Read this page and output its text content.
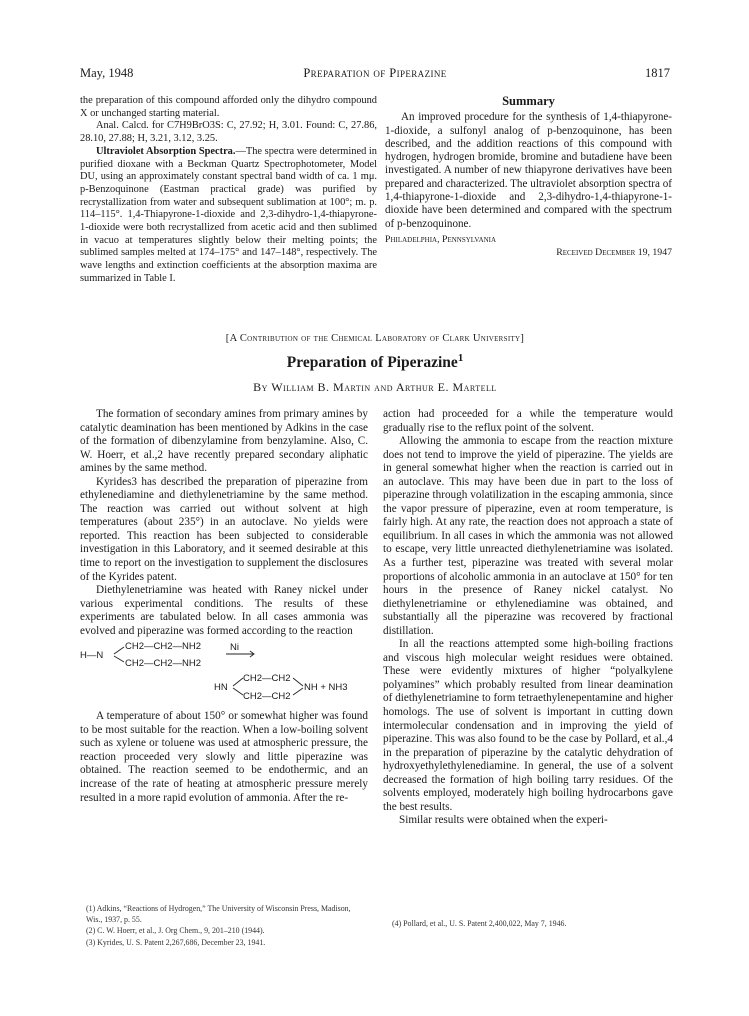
May, 1948	Preparation of Piperazine	1817

the preparation of this compound afforded only the dihydro compound X or unchanged starting material.

Anal. Calcd. for C7H9BrO3S: C, 27.92; H, 3.01. Found: C, 27.86, 28.10, 27.88; H, 3.21, 3.12, 3.25.

Ultraviolet Absorption Spectra.—The spectra were determined in purified dioxane with a Beckman Quartz Spectrophotometer, Model DU, using an approximately constant spectral band width of ca. 1 mμ. p-Benzoquinone (Eastman practical grade) was purified by recrystallization from water and subsequent sublimation at 100°; m. p. 114–115°. 1,4-Thiapyrone-1-dioxide and 2,3-dihydro-1,4-thiapyrone-1-dioxide were both recrystallized from acetic acid and then sublimed in vacuo at temperatures slightly below their melting points; the sublimed samples melted at 174–175° and 147–148°, respectively. The wave lengths and extinction coefficients at the absorption maxima are summarized in Table I.

Summary

An improved procedure for the synthesis of 1,4-thiapyrone-1-dioxide, a sulfonyl analog of p-benzoquinone, has been described, and the addition reactions of this compound with hydrogen, hydrogen bromide, bromine and butadiene have been investigated. A number of new thiapyrone derivatives have been prepared and characterized. The ultraviolet absorption spectra of 1,4-thiapyrone-1-dioxide and 2,3-dihydro-1,4-thiapyrone-1-dioxide have been determined and compared with the spectrum of p-benzoquinone.

Philadelphia, Pennsylvania

Received December 19, 1947

[A Contribution of the Chemical Laboratory of Clark University]
Preparation of Piperazine$^1$
By William B. Martin and Arthur E. Martell

The formation of secondary amines from primary amines by catalytic deamination has been mentioned by Adkins in the case of the formation of dibenzylamine from benzylamine. Also, C. W. Hoerr, et al.,2 have recently prepared secondary aliphatic amines by the same method.

Kyrides3 has described the preparation of piperazine from ethylenediamine and diethylenetriamine by the same method. The reaction was carried out without solvent at high temperatures (about 235°) in an autoclave. No yields were reported. This reaction has been subjected to considerable investigation in this Laboratory, and it seemed desirable at this time to report on the investigation to supplement the disclosures of the Kyrides patent.

Diethylenetriamine was heated with Raney nickel under various experimental conditions. The results of these experiments are tabulated below. In all cases ammonia was evolved and piperazine was formed according to the reaction

H—N
CH2—CH2—NH2
CH2—CH2—NH2
Ni
HN
CH2—CH2
CH2—CH2
NH + NH3

A temperature of about 150° or somewhat higher was found to be most suitable for the reaction. When a low-boiling solvent such as xylene or toluene was used at atmospheric pressure, the reaction proceeded very slowly and little piperazine was obtained. The reaction seemed to be endothermic, and an increase of the rate of heating at atmospheric pressure merely resulted in a more rapid evolution of ammonia. After the re-

action had proceeded for a while the temperature would gradually rise to the reflux point of the solvent.

Allowing the ammonia to escape from the reaction mixture does not tend to improve the yield of piperazine. The yields are in general somewhat higher when the reaction is carried out in an autoclave. This may have been due in part to the loss of piperazine through volatilization in the escaping ammonia, since the vapor pressure of piperazine, even at room temperature, is fairly high. At any rate, the reaction does not approach a state of equilibrium. In all cases in which the ammonia was not allowed to escape, very little unreacted diethylenetriamine was isolated. As a further test, piperazine was treated with several molar proportions of alcoholic ammonia in an autoclave at 150° for ten hours in the presence of Raney nickel catalyst. No diethylenetriamine or ethylenediamine was obtained, and substantially all the piperazine was recovered by fractional distillation.

In all the reactions attempted some high-boiling fractions and viscous high molecular weight residues were obtained. These were evidently mixtures of higher “polyalkylene polyamines” which probably resulted from linear deamination of diethylenetriamine to form tetraethylenepentamine and higher homologs. The use of solvent is important in cutting down intermolecular condensation and in improving the yield of piperazine. This was also found to be the case by Pollard, et al.,4 in the preparation of piperazine by the catalytic dehydration of hydroxyethylethylenediamine. In general, the use of a solvent decreased the formation of high boiling tarry residues. Of the solvents employed, moderately high boiling hydrocarbons gave the best results.

Similar results were obtained when the experi-

(1) Adkins, “Reactions of Hydrogen,” The University of Wisconsin Press, Madison, Wis., 1937, p. 55.

(2) C. W. Hoerr, et al., J. Org Chem., 9, 201–210 (1944).

(3) Kyrides, U. S. Patent 2,267,686, December 23, 1941.

(4) Pollard, et al., U. S. Patent 2,400,022, May 7, 1946.
